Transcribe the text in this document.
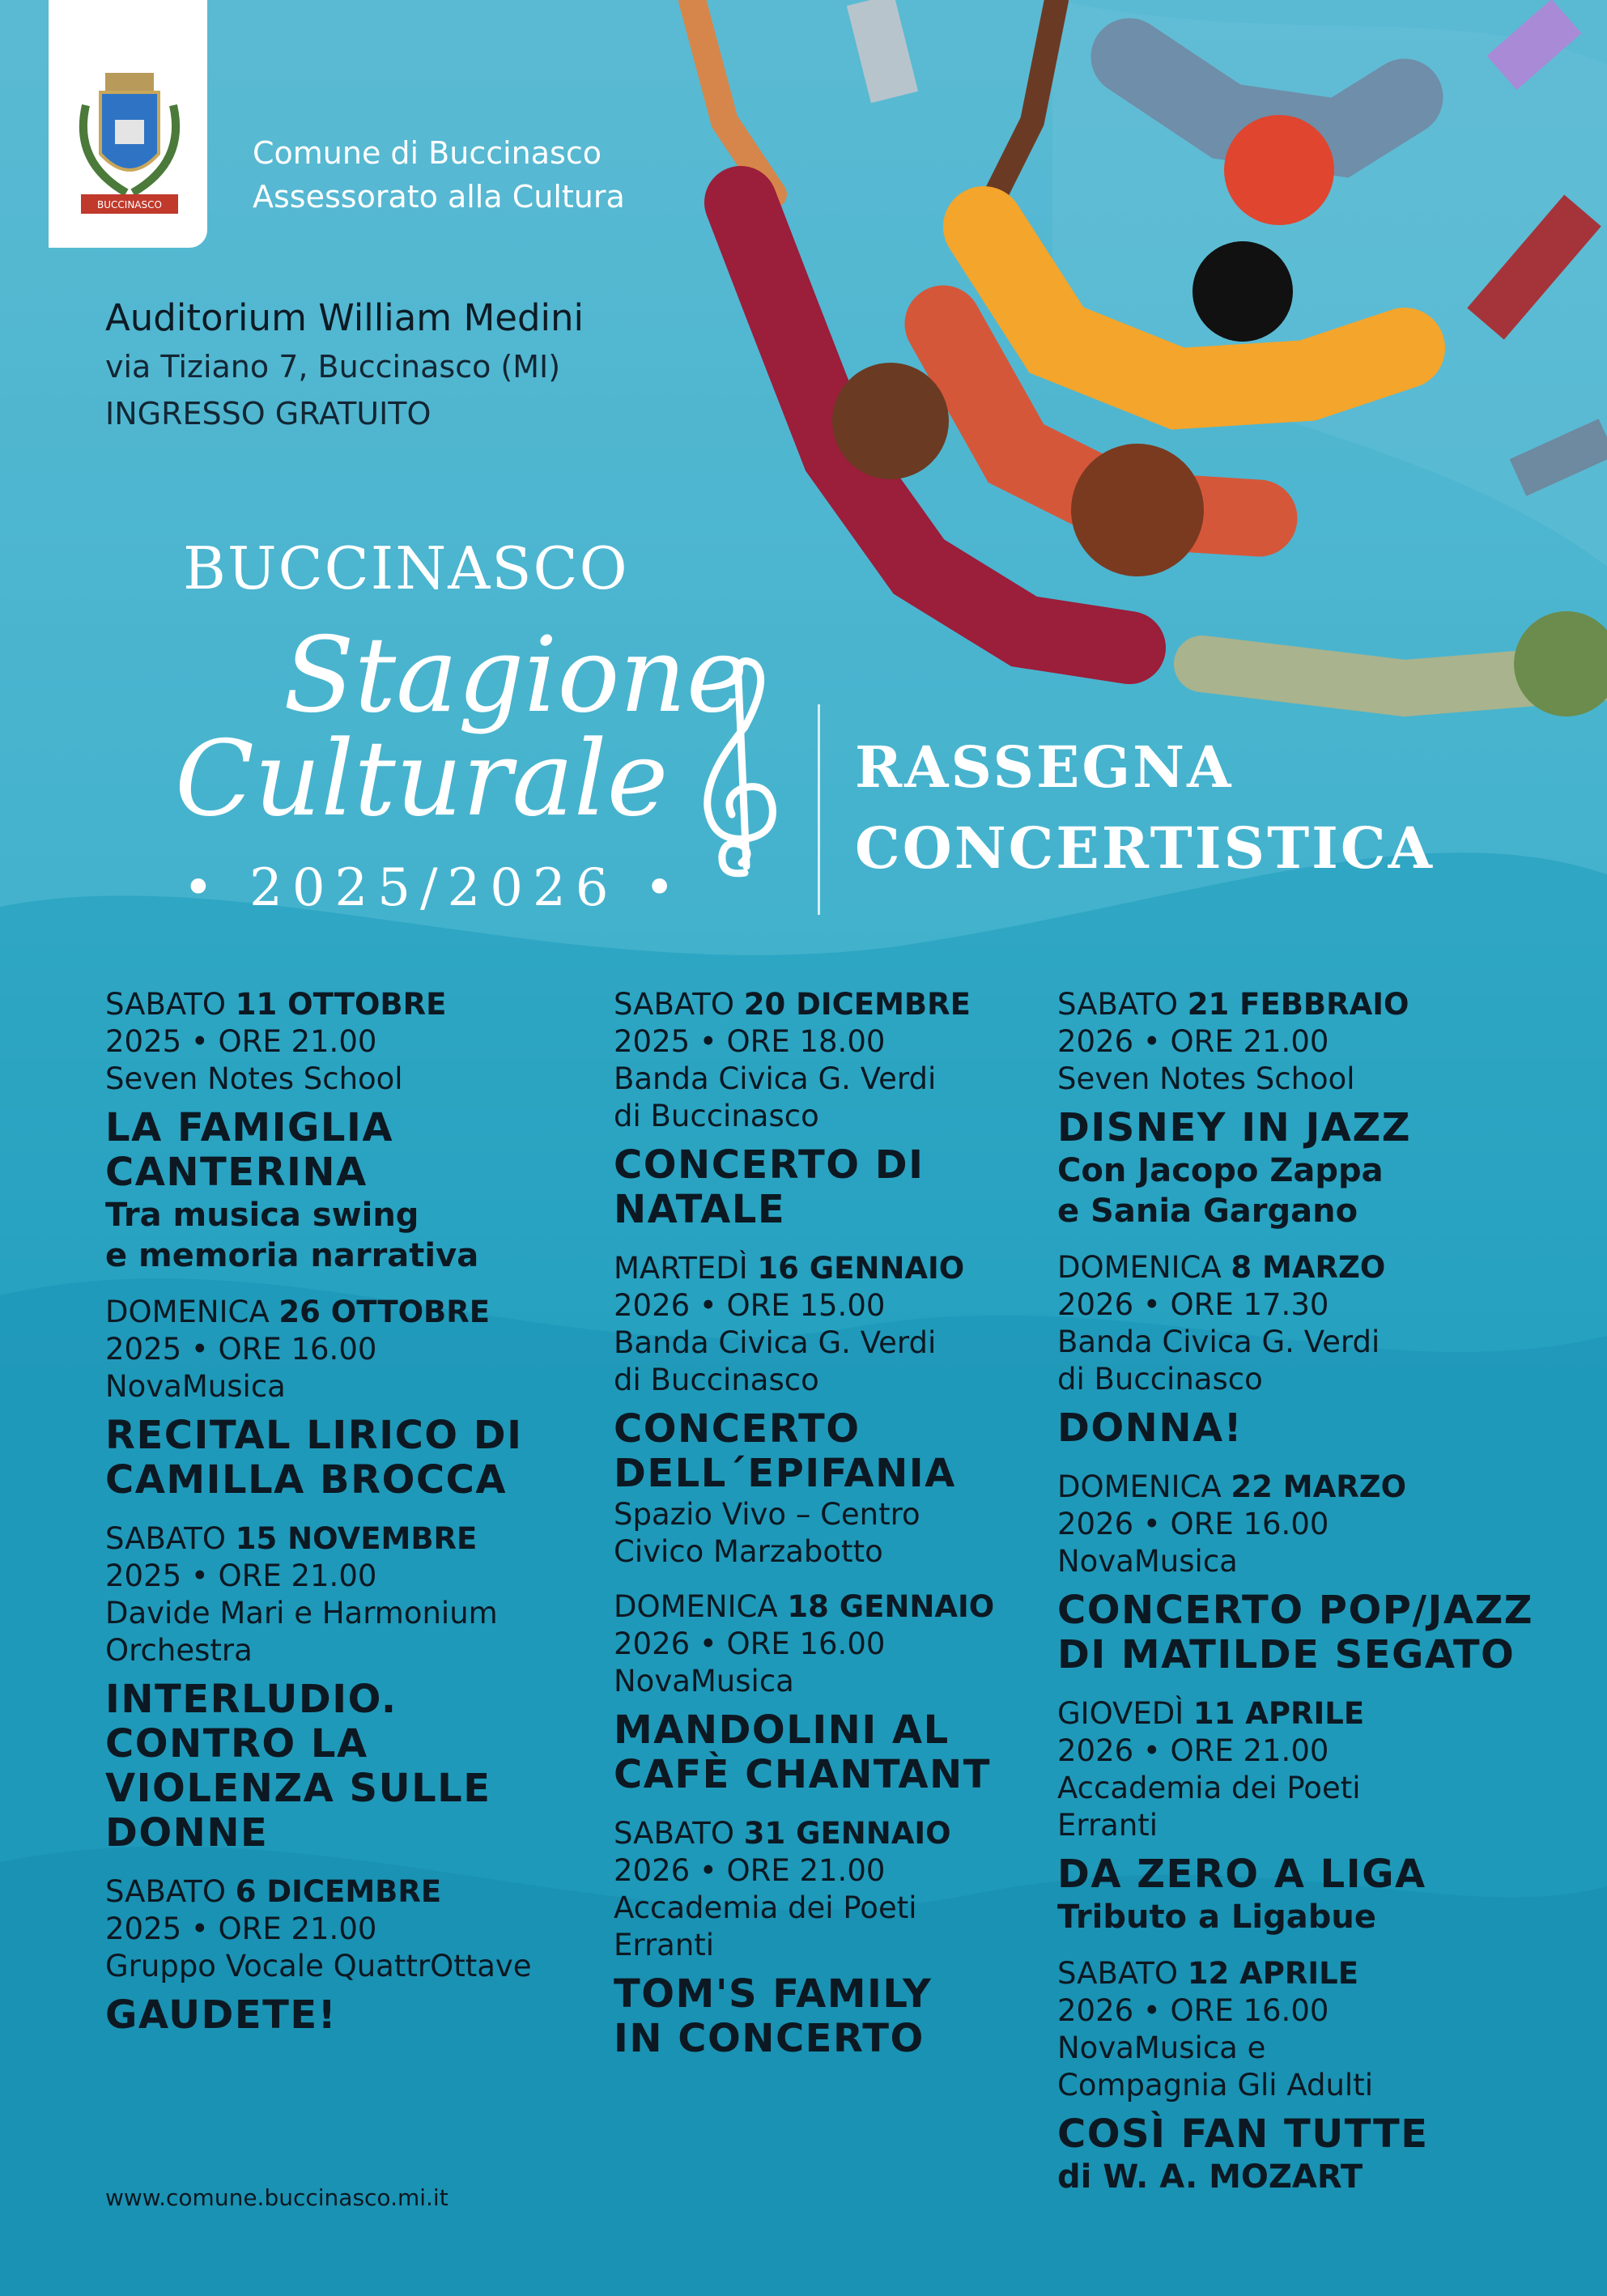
BUCCINASCO
Comune di Buccinasco
Assessorato alla Cultura
Auditorium William Medini
via Tiziano 7, Buccinasco (MI)
INGRESSO GRATUITO
BUCCINASCO
Stagione
Culturale
• 2025/2026 •
RASSEGNA
CONCERTISTICA
SABATO 11 OTTOBRE
2025 • ORE 21.00
Seven Notes School
LA FAMIGLIA
CANTERINA
Tra musica swing
e memoria narrativa
DOMENICA 26 OTTOBRE
2025 • ORE 16.00
NovaMusica
RECITAL LIRICO DI
CAMILLA BROCCA
SABATO 15 NOVEMBRE
2025 • ORE 21.00
Davide Mari e Harmonium
Orchestra
INTERLUDIO.
CONTRO LA
VIOLENZA SULLE
DONNE
SABATO 6 DICEMBRE
2025 • ORE 21.00
Gruppo Vocale QuattrOttave
GAUDETE!
SABATO 20 DICEMBRE
2025 • ORE 18.00
Banda Civica G. Verdi
di Buccinasco
CONCERTO DI
NATALE
MARTEDÌ 16 GENNAIO
2026 • ORE 15.00
Banda Civica G. Verdi
di Buccinasco
CONCERTO
DELL´EPIFANIA
Spazio Vivo – Centro
Civico Marzabotto
DOMENICA 18 GENNAIO
2026 • ORE 16.00
NovaMusica
MANDOLINI AL
CAFÈ CHANTANT
SABATO 31 GENNAIO
2026 • ORE 21.00
Accademia dei Poeti
Erranti
TOM'S FAMILY
IN CONCERTO
SABATO 21 FEBBRAIO
2026 • ORE 21.00
Seven Notes School
DISNEY IN JAZZ
Con Jacopo Zappa
e Sania Gargano
DOMENICA 8 MARZO
2026 • ORE 17.30
Banda Civica G. Verdi
di Buccinasco
DONNA!
DOMENICA 22 MARZO
2026 • ORE 16.00
NovaMusica
CONCERTO POP/JAZZ
DI MATILDE SEGATO
GIOVEDÌ 11 APRILE
2026 • ORE 21.00
Accademia dei Poeti
Erranti
DA ZERO A LIGA
Tributo a Ligabue
SABATO 12 APRILE
2026 • ORE 16.00
NovaMusica e
Compagnia Gli Adulti
COSÌ FAN TUTTE
di W. A. MOZART
www.comune.buccinasco.mi.it
